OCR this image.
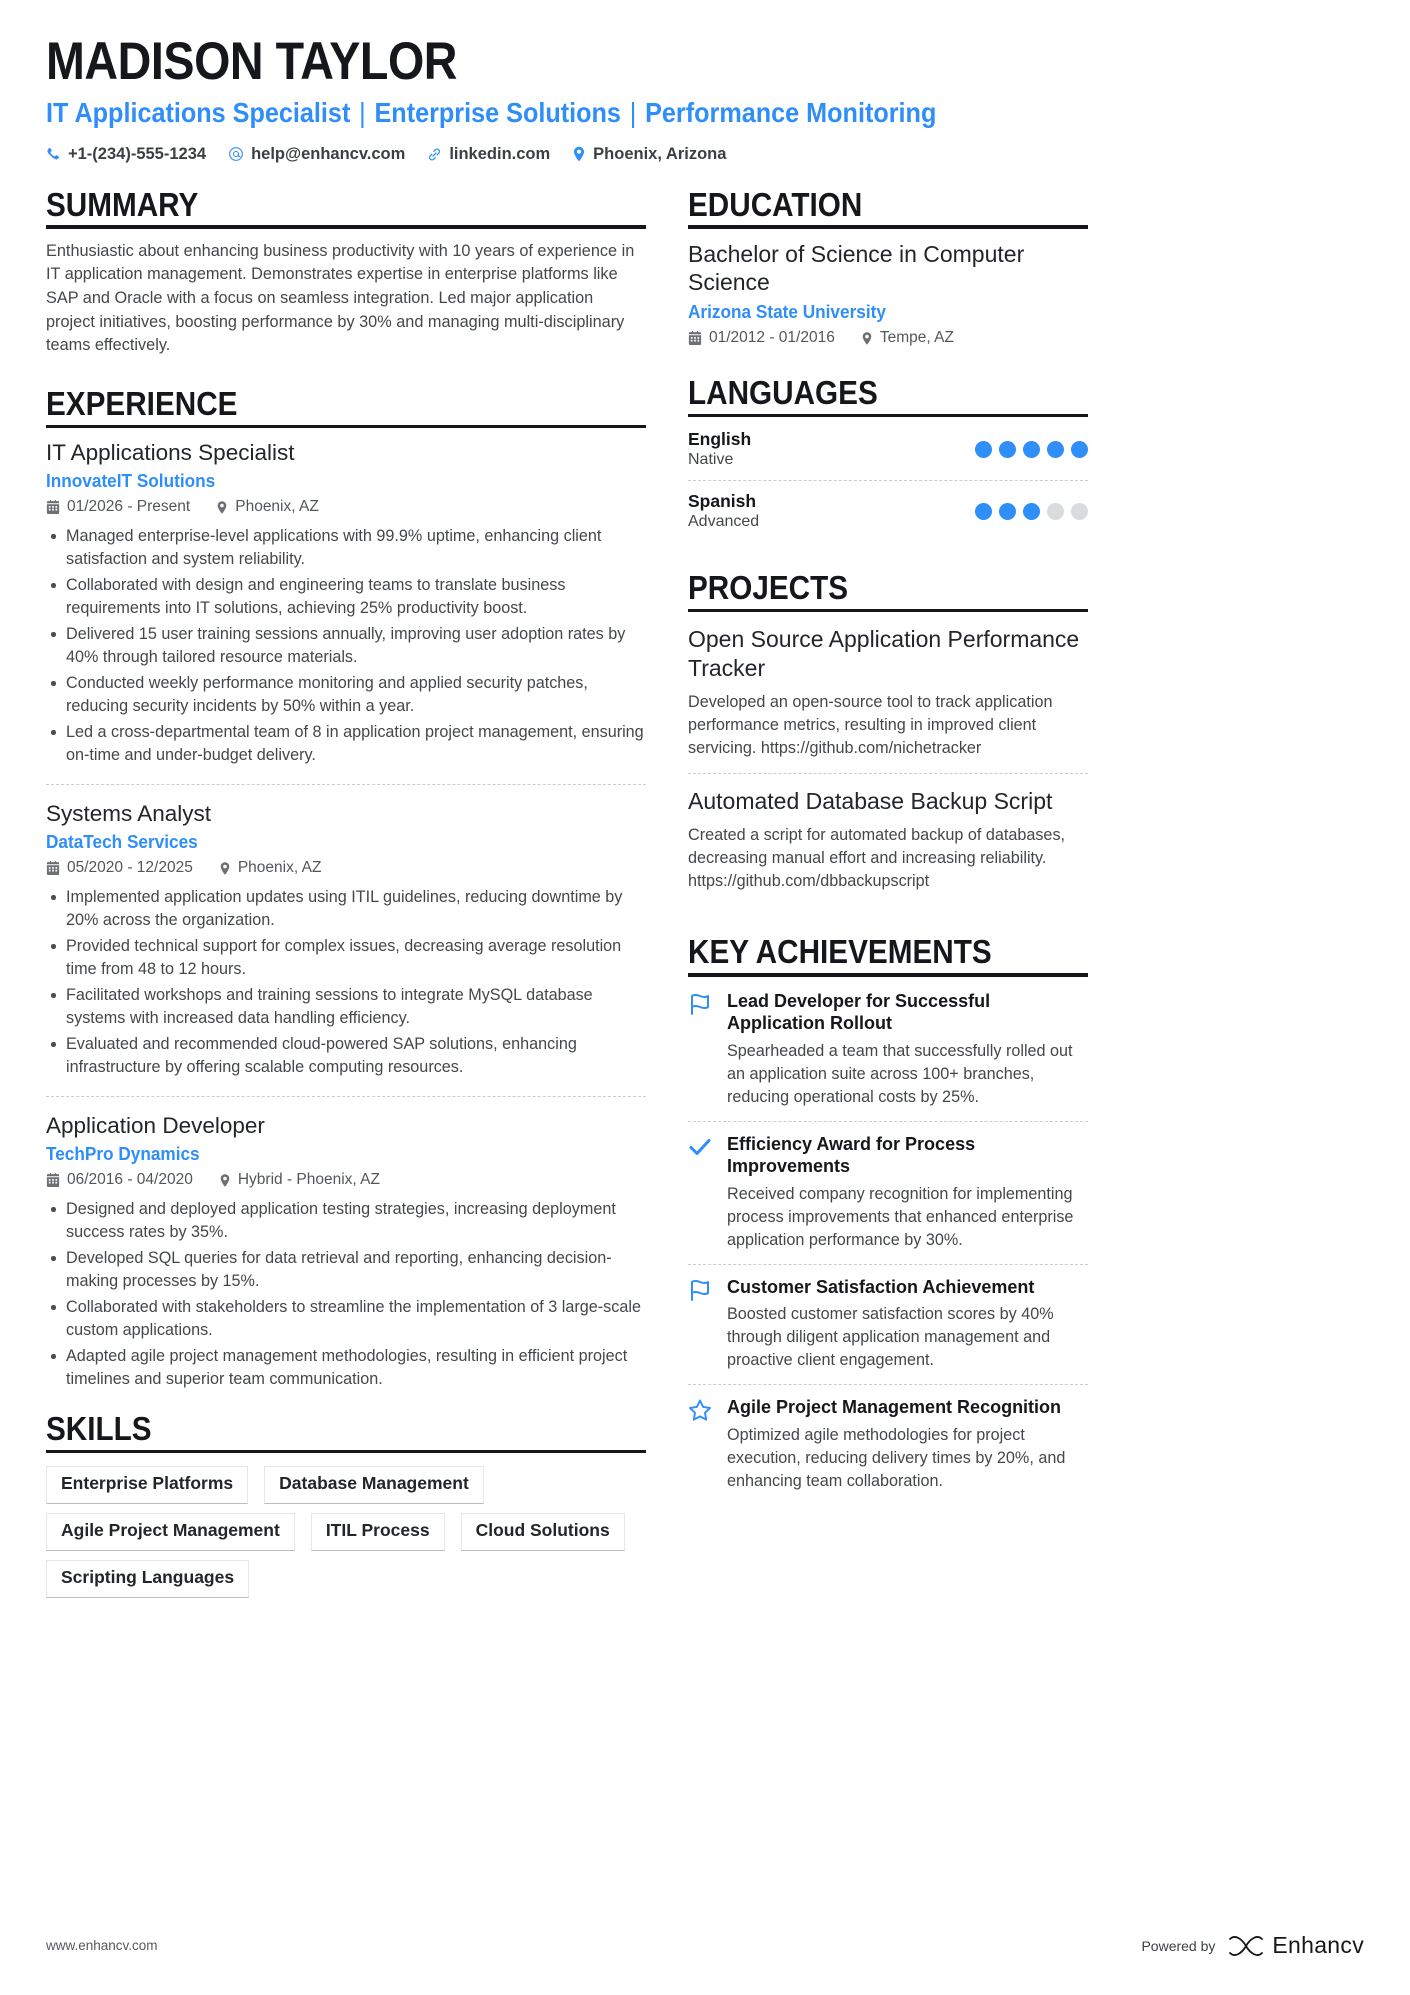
MADISON TAYLOR
IT Applications Specialist | Enterprise Solutions | Performance Monitoring
+1-(234)-555-1234	help@enhancv.com	linkedin.com	Phoenix, Arizona
SUMMARY
Enthusiastic about enhancing business productivity with 10 years of experience in IT application management. Demonstrates expertise in enterprise platforms like SAP and Oracle with a focus on seamless integration. Led major application project initiatives, boosting performance by 30% and managing multi-disciplinary teams effectively.
EXPERIENCE
IT Applications Specialist
InnovateIT Solutions
01/2026 - Present	Phoenix, AZ
Managed enterprise-level applications with 99.9% uptime, enhancing client satisfaction and system reliability.
Collaborated with design and engineering teams to translate business requirements into IT solutions, achieving 25% productivity boost.
Delivered 15 user training sessions annually, improving user adoption rates by 40% through tailored resource materials.
Conducted weekly performance monitoring and applied security patches, reducing security incidents by 50% within a year.
Led a cross-departmental team of 8 in application project management, ensuring on-time and under-budget delivery.
Systems Analyst
DataTech Services
05/2020 - 12/2025	Phoenix, AZ
Implemented application updates using ITIL guidelines, reducing downtime by 20% across the organization.
Provided technical support for complex issues, decreasing average resolution time from 48 to 12 hours.
Facilitated workshops and training sessions to integrate MySQL database systems with increased data handling efficiency.
Evaluated and recommended cloud-powered SAP solutions, enhancing infrastructure by offering scalable computing resources.
Application Developer
TechPro Dynamics
06/2016 - 04/2020	Hybrid - Phoenix, AZ
Designed and deployed application testing strategies, increasing deployment success rates by 35%.
Developed SQL queries for data retrieval and reporting, enhancing decision-making processes by 15%.
Collaborated with stakeholders to streamline the implementation of 3 large-scale custom applications.
Adapted agile project management methodologies, resulting in efficient project timelines and superior team communication.
SKILLS
Enterprise Platforms	Database Management
Agile Project Management	ITIL Process	Cloud Solutions
Scripting Languages
EDUCATION
Bachelor of Science in Computer Science
Arizona State University
01/2012 - 01/2016	Tempe, AZ
LANGUAGES
English
Native
Spanish
Advanced
PROJECTS
Open Source Application Performance Tracker
Developed an open-source tool to track application performance metrics, resulting in improved client servicing. https://github.com/nichetracker
Automated Database Backup Script
Created a script for automated backup of databases, decreasing manual effort and increasing reliability. https://github.com/dbbackupscript
KEY ACHIEVEMENTS
Lead Developer for Successful Application Rollout
Spearheaded a team that successfully rolled out an application suite across 100+ branches, reducing operational costs by 25%.
Efficiency Award for Process Improvements
Received company recognition for implementing process improvements that enhanced enterprise application performance by 30%.
Customer Satisfaction Achievement
Boosted customer satisfaction scores by 40% through diligent application management and proactive client engagement.
Agile Project Management Recognition
Optimized agile methodologies for project execution, reducing delivery times by 20%, and enhancing team collaboration.
www.enhancv.com	Powered by Enhancv
